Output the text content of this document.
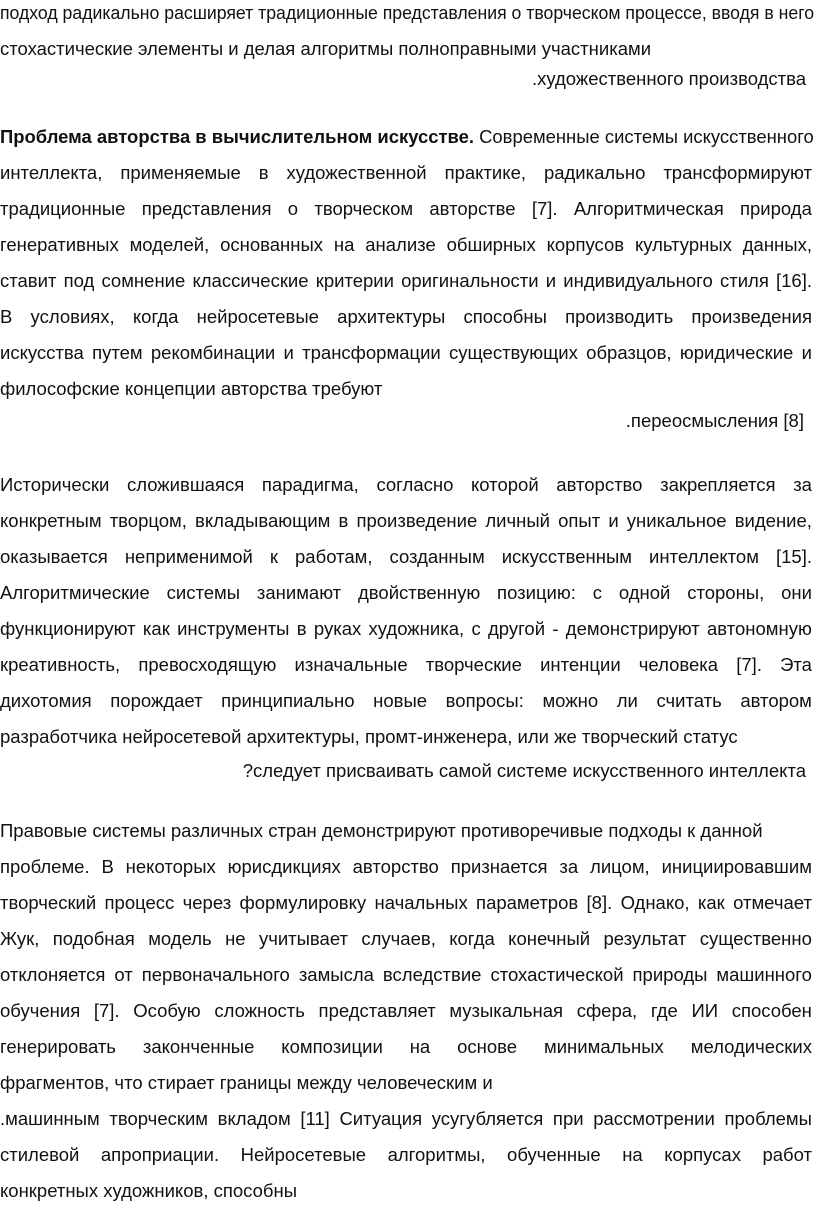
подход радикально расширяет традиционные представления о творческом процессе, вводя в него
стохастические элементы и делая алгоритмы полноправными участниками
.художественного производства
Проблема авторства в вычислительном искусстве. Современные системы искусственного
интеллекта, применяемые в художественной практике, радикально трансформируют
традиционные представления о творческом авторстве [7]. Алгоритмическая природа
генеративных моделей, основанных на анализе обширных корпусов культурных данных,
ставит под сомнение классические критерии оригинальности и индивидуального стиля [16].
В условиях, когда нейросетевые архитектуры способны производить произведения
искусства путем рекомбинации и трансформации существующих образцов, юридические и
философские концепции авторства требуют
.переосмысления [8]
Исторически сложившаяся парадигма, согласно которой авторство закрепляется за
конкретным творцом, вкладывающим в произведение личный опыт и уникальное видение,
оказывается неприменимой к работам, созданным искусственным интеллектом [15].
Алгоритмические системы занимают двойственную позицию: с одной стороны, они
функционируют как инструменты в руках художника, с другой - демонстрируют автономную
креативность, превосходящую изначальные творческие интенции человека [7]. Эта
дихотомия порождает принципиально новые вопросы: можно ли считать автором
разработчика нейросетевой архитектуры, промт-инженера, или же творческий статус
?следует присваивать самой системе искусственного интеллекта
Правовые системы различных стран демонстрируют противоречивые подходы к данной
проблеме. В некоторых юрисдикциях авторство признается за лицом, инициировавшим
творческий процесс через формулировку начальных параметров [8]. Однако, как отмечает
Жук, подобная модель не учитывает случаев, когда конечный результат существенно
отклоняется от первоначального замысла вследствие стохастической природы машинного
обучения [7]. Особую сложность представляет музыкальная сфера, где ИИ способен
генерировать законченные композиции на основе минимальных мелодических
фрагментов, что стирает границы между человеческим и
.машинным творческим вкладом [11] Ситуация усугубляется при рассмотрении проблемы
стилевой апроприации. Нейросетевые алгоритмы, обученные на корпусах работ
конкретных художников, способны
